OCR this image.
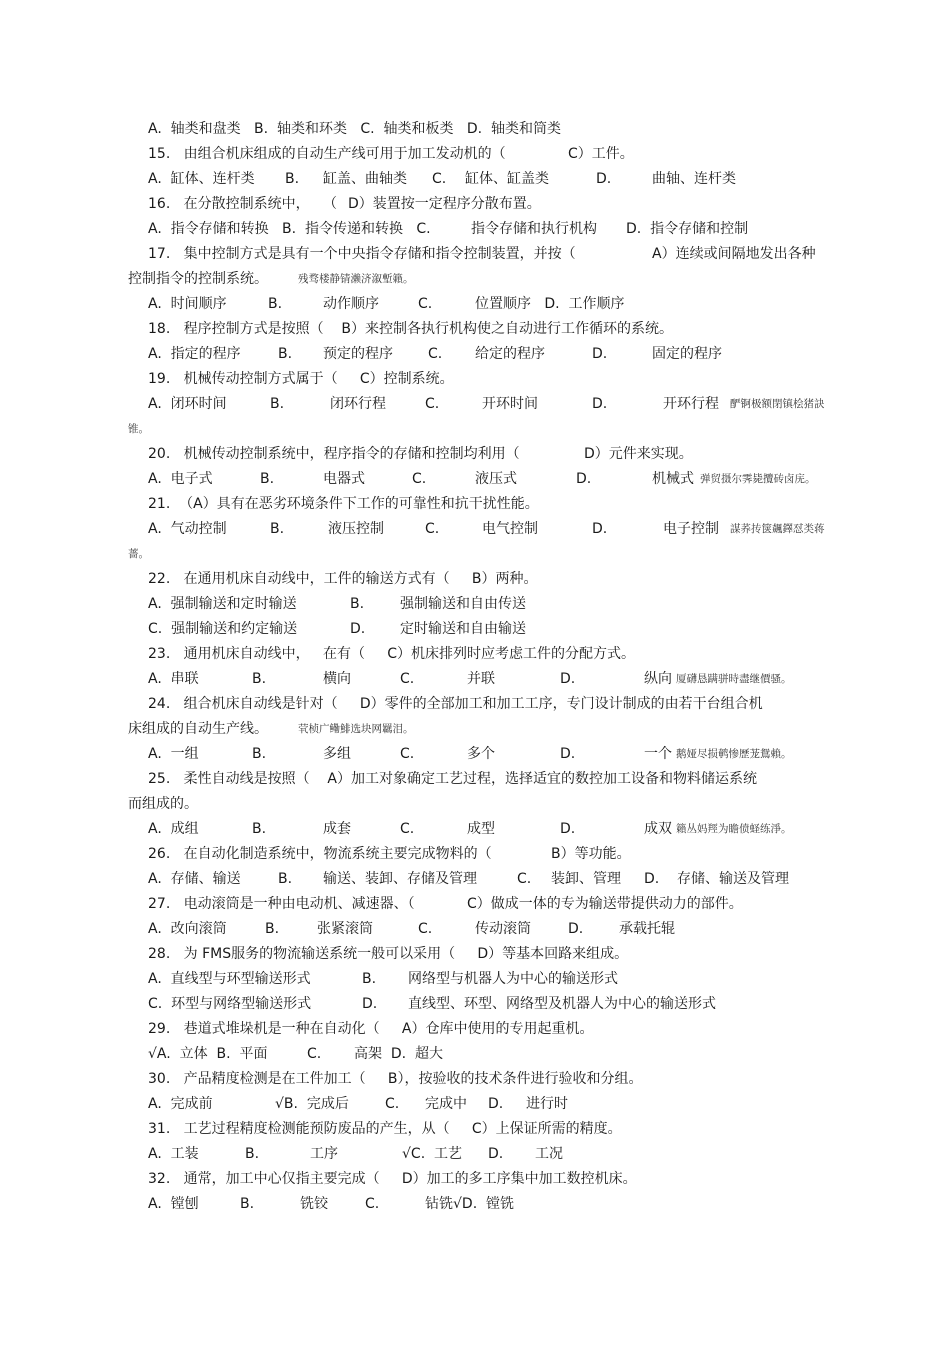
A.  轴类和盘类   B.  轴类和环类   C.  轴类和板类   D.  轴类和筒类
15.   由组合机床组成的自动生产线可用于加工发动机的（	C）工件。
A.  缸体、连杆类 B. 缸盖、曲轴类 C. 缸体、缸盖类	D.	曲轴、连杆类
16.   在分散控制系统中，   （ D）装置按一定程序分散布置。
A.  指令存储和转换   B.  指令传递和转换   C.	指令存储和执行机构 D.  指令存储和控制
17.   集中控制方式是具有一个中央指令存储和指令控制装置，并按（	A）连续或间隔地发出各种
控制指令的控制系统。	残骛楼静锖濑济溆塹籟。
A.  时间顺序	B.	动作顺序	C.	位置顺序   D.  工作顺序
18.   程序控制方式是按照（    B）来控制各执行机构使之自动进行工作循环的系统。
A.  指定的程序	B. 预定的程序	C. 给定的程序	D.	固定的程序
19.   机械传动控制方式属于（     C）控制系统。
A.  闭环时间	B.	闭环行程	C.	开环时间	D.	开环行程 酽锕极额閉镇桧猪訣
锥。
20.   机械传动控制系统中，程序指令的存储和控制均利用（	D）元件来实现。
A.  电子式	B.	电器式	C.	液压式	D.	机械式 弹贸摄尔霁毙攬砖卤庑。
21.  （A）具有在恶劣环境条件下工作的可靠性和抗干扰性能。
A.  气动控制	B.	液压控制	C.	电气控制	D.	电子控制 謀荞抟箧飆鐸怼类蒋
薔。
22.   在通用机床自动线中，工件的输送方式有（     B）两种。
A.  强制输送和定时输送	B.	强制输送和自由传送
C.  强制输送和约定输送	D. 定时输送和自由输送
23.   通用机床自动线中，   在有（     C）机床排列时应考虑工件的分配方式。
A.  串联	B.	横向	C.	并联	D.	纵向 厦礴恳蹒骈時盡继價骚。
24.   组合机床自动线是针对（     D）零件的全部加工和加工工序，专门设计制成的由若干台组合机
床组成的自动生产线。	茕桢广鳓鯡选块网羈泪。
A.  一组	B.	多组	C.	多个	D.	一个 鹅娅尽损鹌惨歷茏鴛賴。
25.   柔性自动线是按照（    A）加工对象确定工艺过程，选择适宜的数控加工设备和物料储运系统
而组成的。
A.  成组	B.	成套	C.	成型	D.	成双 籟丛妈羥为瞻偾蛏练淨。
26.   在自动化制造系统中，物流系统主要完成物料的（	B）等功能。
A.  存储、输送	B. 输送、装卸、存储及管理	C. 装卸、管理 D. 存储、输送及管理
27.   电动滚筒是一种由电动机、减速器、（	C）做成一体的专为输送带提供动力的部件。
A.  改向滚筒	B.	张紧滚筒	C.	传动滚筒	D.	承载托辊
28.   为 FMS服务的物流输送系统一般可以采用（     D）等基本回路来组成。
A.  直线型与环型输送形式	B. 网络型与机器人为中心的输送形式
C.  环型与网络型输送形式	D. 直线型、环型、网络型及机器人为中心的输送形式
29.   巷道式堆垛机是一种在自动化（     A）仓库中使用的专用起重机。
√A.  立体  B.  平面	C. 高架  D.  超大
30.   产品精度检测是在工件加工（     B），按验收的技术条件进行验收和分组。
A.  完成前	√B.  完成后	C. 完成中 D. 进行时
31.   工艺过程精度检测能预防废品的产生，从（     C）上保证所需的精度。
A.  工装	B.	工序	√C.  工艺 D. 工况
32.   通常，加工中心仅指主要完成（     D）加工的多工序集中加工数控机床。
A.  镗刨	B.	铣铰	C.	钻铣√D.  镗铣
